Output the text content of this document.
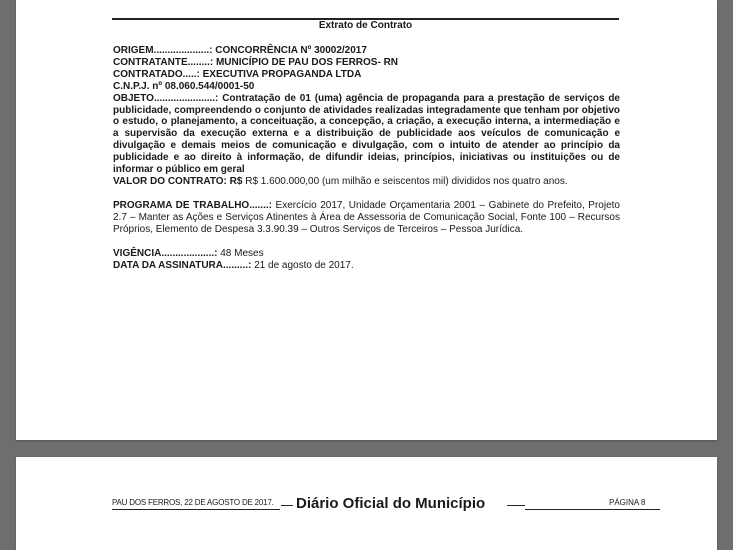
Extrato de Contrato
ORIGEM....................: CONCORRÊNCIA Nº 30002/2017
CONTRATANTE........: MUNICÍPIO DE PAU DOS FERROS- RN
CONTRATADO.....: EXECUTIVA PROPAGANDA LTDA
C.N.P.J. nº 08.060.544/0001-50
OBJETO......................: Contratação de 01 (uma) agência de propaganda para a prestação de serviços de publicidade, compreendendo o conjunto de atividades realizadas integradamente que tenham por objetivo o estudo, o planejamento, a conceituação, a concepção, a criação, a execução interna, a intermediação e a supervisão da execução externa e a distribuição de publicidade aos veículos de comunicação e divulgação e demais meios de comunicação e divulgação, com o intuito de atender ao princípio da publicidade e ao direito à informação, de difundir ideias, princípios, iniciativas ou instituições ou de informar o público em geral
VALOR DO CONTRATO: R$ R$ 1.600.000,00 (um milhão e seiscentos mil) divididos nos quatro anos.
PROGRAMA DE TRABALHO.......: Exercício 2017, Unidade Orçamentaria 2001 – Gabinete do Prefeito, Projeto 2.7 – Manter as Ações e Serviços Atinentes à Área de Assessoria de Comunicação Social, Fonte 100 – Recursos Próprios, Elemento de Despesa 3.3.90.39 – Outros Serviços de Terceiros – Pessoa Jurídica.
VIGÊNCIA...................: 48 Meses
DATA DA ASSINATURA.........: 21 de agosto de 2017.
PAU DOS FERROS, 22 DE AGOSTO DE 2017. Diário Oficial do Município	PÁGINA 8
